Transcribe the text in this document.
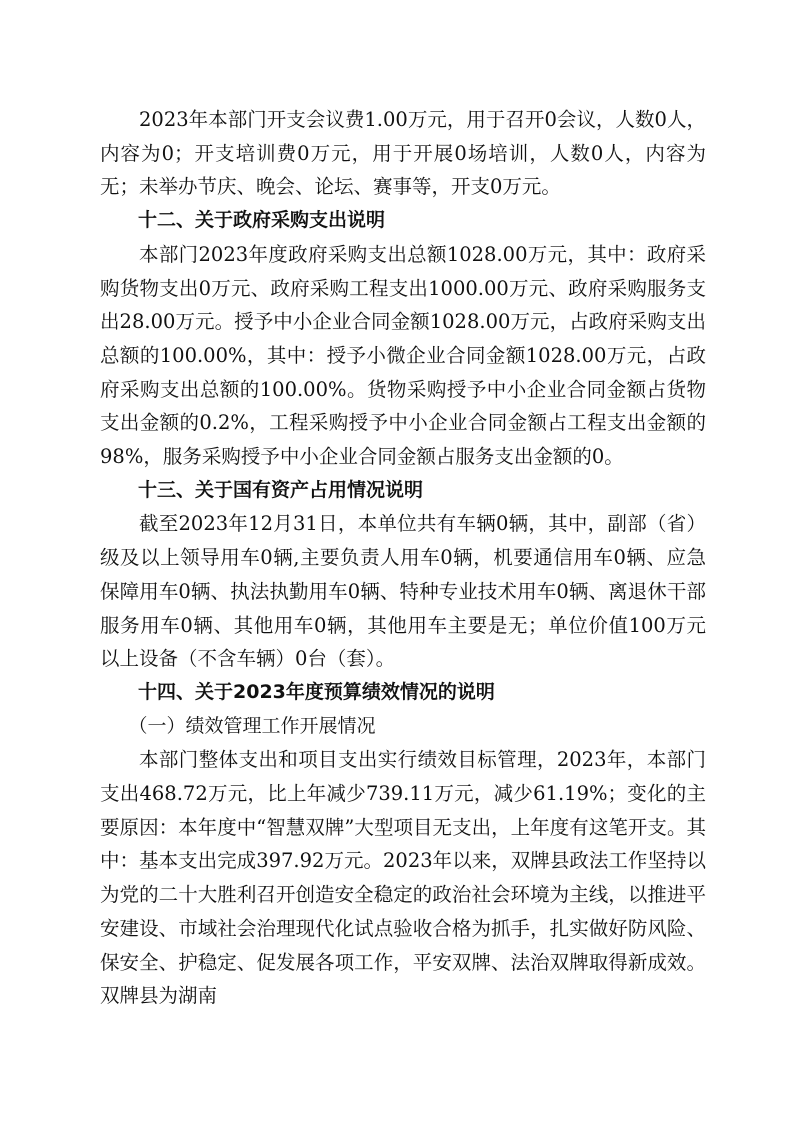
2023年本部门开支会议费1.00万元，用于召开0会议，人数0人，内容为0；开支培训费0万元，用于开展0场培训，人数0人，内容为无；未举办节庆、晚会、论坛、赛事等，开支0万元。

十二、关于政府采购支出说明

本部门2023年度政府采购支出总额1028.00万元，其中：政府采购货物支出0万元、政府采购工程支出1000.00万元、政府采购服务支出28.00万元。授予中小企业合同金额1028.00万元，占政府采购支出总额的100.00%，其中：授予小微企业合同金额1028.00万元，占政府采购支出总额的100.00%。货物采购授予中小企业合同金额占货物支出金额的0.2%，工程采购授予中小企业合同金额占工程支出金额的98%，服务采购授予中小企业合同金额占服务支出金额的0。

十三、关于国有资产占用情况说明

截至2023年12月31日，本单位共有车辆0辆，其中，副部（省）级及以上领导用车0辆,主要负责人用车0辆，机要通信用车0辆、应急保障用车0辆、执法执勤用车0辆、特种专业技术用车0辆、离退休干部服务用车0辆、其他用车0辆，其他用车主要是无；单位价值100万元以上设备（不含车辆）0台（套）。

十四、关于2023年度预算绩效情况的说明

（一）绩效管理工作开展情况

本部门整体支出和项目支出实行绩效目标管理，2023年，本部门支出468.72万元，比上年减少739.11万元，减少61.19%；变化的主要原因：本年度中“智慧双牌”大型项目无支出，上年度有这笔开支。其中：基本支出完成397.92万元。2023年以来，双牌县政法工作坚持以为党的二十大胜利召开创造安全稳定的政治社会环境为主线，以推进平安建设、市域社会治理现代化试点验收合格为抓手，扎实做好防风险、保安全、护稳定、促发展各项工作，平安双牌、法治双牌取得新成效。双牌县为湖南
